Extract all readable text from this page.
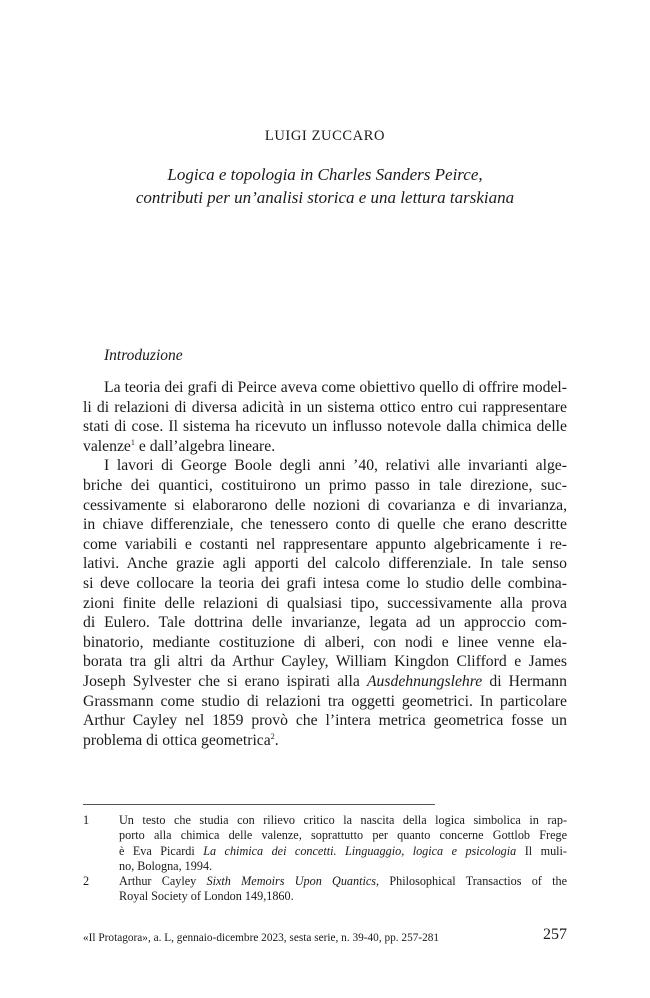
LUIGI ZUCCARO
Logica e topologia in Charles Sanders Peirce,
contributi per un’analisi storica e una lettura tarskiana
Introduzione
La teoria dei grafi di Peirce aveva come obiettivo quello di offrire model-
li di relazioni di diversa adicità in un sistema ottico entro cui rappresentare
stati di cose. Il sistema ha ricevuto un influsso notevole dalla chimica delle
valenze$^1$ e dall’algebra lineare.
I lavori di George Boole degli anni ’40, relativi alle invarianti alge-
briche dei quantici, costituirono un primo passo in tale direzione, suc-
cessivamente si elaborarono delle nozioni di covarianza e di invarianza,
in chiave differenziale, che tenessero conto di quelle che erano descritte
come variabili e costanti nel rappresentare appunto algebricamente i re-
lativi. Anche grazie agli apporti del calcolo differenziale. In tale senso
si deve collocare la teoria dei grafi intesa come lo studio delle combina-
zioni finite delle relazioni di qualsiasi tipo, successivamente alla prova
di Eulero. Tale dottrina delle invarianze, legata ad un approccio com-
binatorio, mediante costituzione di alberi, con nodi e linee venne ela-
borata tra gli altri da Arthur Cayley, William Kingdon Clifford e James
Joseph Sylvester che si erano ispirati alla Ausdehnungslehre di Hermann
Grassmann come studio di relazioni tra oggetti geometrici. In particolare
Arthur Cayley nel 1859 provò che l’intera metrica geometrica fosse un
problema di ottica geometrica$^2$.
1	Un testo che studia con rilievo critico la nascita della logica simbolica in rap-
porto alla chimica delle valenze, soprattutto per quanto concerne Gottlob Frege
è Eva Picardi La chimica dei concetti. Linguaggio, logica e psicologia Il muli-
no, Bologna, 1994.
2	Arthur Cayley Sixth Memoirs Upon Quantics, Philosophical Transactios of the
Royal Society of London 149,1860.
«Il Protagora», a. L, gennaio-dicembre 2023, sesta serie, n. 39-40, pp. 257-281	257
